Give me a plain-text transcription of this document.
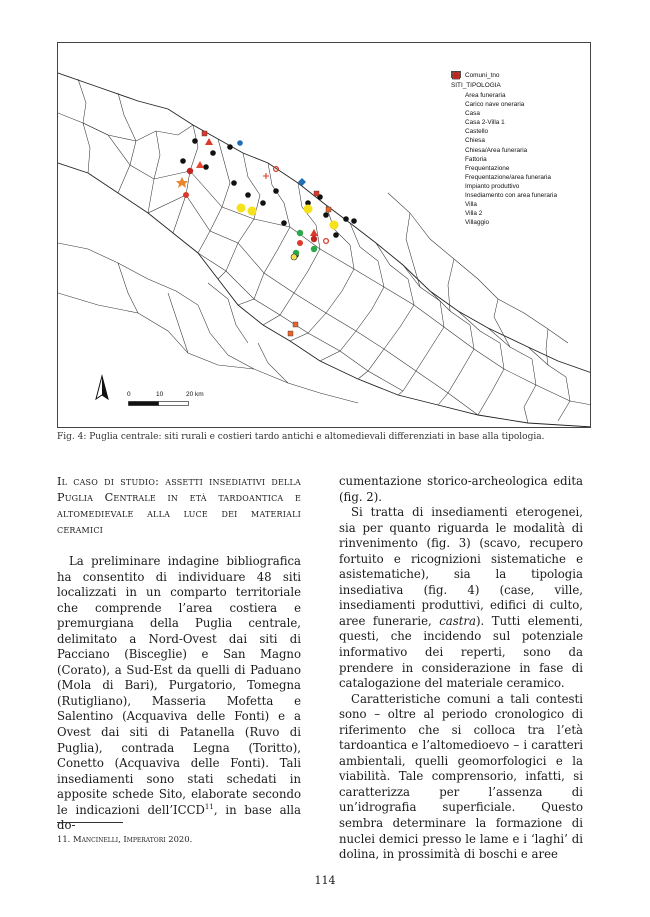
Comuni_tno
SITI_TIPOLOGIA
Area funeraria
Carico nave oneraria
Casa
Casa 2-Villa 1
Castello
Chiesa
Chiesa/Area funeraria
Fattoria
Frequentazione
Frequentazione/area funeraria
Impianto produttivo
Insediamento con area funeraria
Villa
Villa 2
Villaggio
0	10	20 km
Fig. 4: Puglia centrale: siti rurali e costieri tardo antichi e altomedievali differenziati in base alla tipologia.

Il caso di studio: assetti insediativi della Puglia Centrale in età tardoantica e altomedievale alla luce dei materiali ceramici

La preliminare indagine bibliografica ha consentito di individuare 48 siti localizzati in un comparto territoriale che comprende l’area costiera e premurgiana della Puglia centrale, delimitato a Nord-Ovest dai siti di Pacciano (Bisceglie) e San Magno (Corato), a Sud-Est da quelli di Paduano (Mola di Bari), Purgatorio, Tomegna (Rutigliano), Masseria Mofetta e Salentino (Acquaviva delle Fonti) e a Ovest dai siti di Patanella (Ruvo di Puglia), contrada Legna (Toritto), Conetto (Acquaviva delle Fonti). Tali insediamenti sono stati schedati in apposite schede Sito, elaborate secondo le indicazioni dell’ICCD$^{11}$, in base alla do-

cumentazione storico-archeologica edita (fig. 2).

Si tratta di insediamenti eterogenei, sia per quanto riguarda le modalità di rinvenimento (fig. 3) (scavo, recupero fortuito e ricognizioni sistematiche e asistematiche), sia la tipologia insediativa (fig. 4) (case, ville, insediamenti produttivi, edifici di culto, aree funerarie, castra). Tutti elementi, questi, che incidendo sul potenziale informativo dei reperti, sono da prendere in considerazione in fase di catalogazione del materiale ceramico.

Caratteristiche comuni a tali contesti sono – oltre al periodo cronologico di riferimento che si colloca tra l’età tardoantica e l’altomedioevo – i caratteri ambientali, quelli geomorfologici e la viabilità. Tale comprensorio, infatti, si caratterizza per l’assenza di un’idrografia superficiale. Questo sembra determinare la formazione di nuclei demici presso le lame e i ‘laghi’ di dolina, in prossimità di boschi e aree

11. Mancinelli, Imperatori 2020.
114
